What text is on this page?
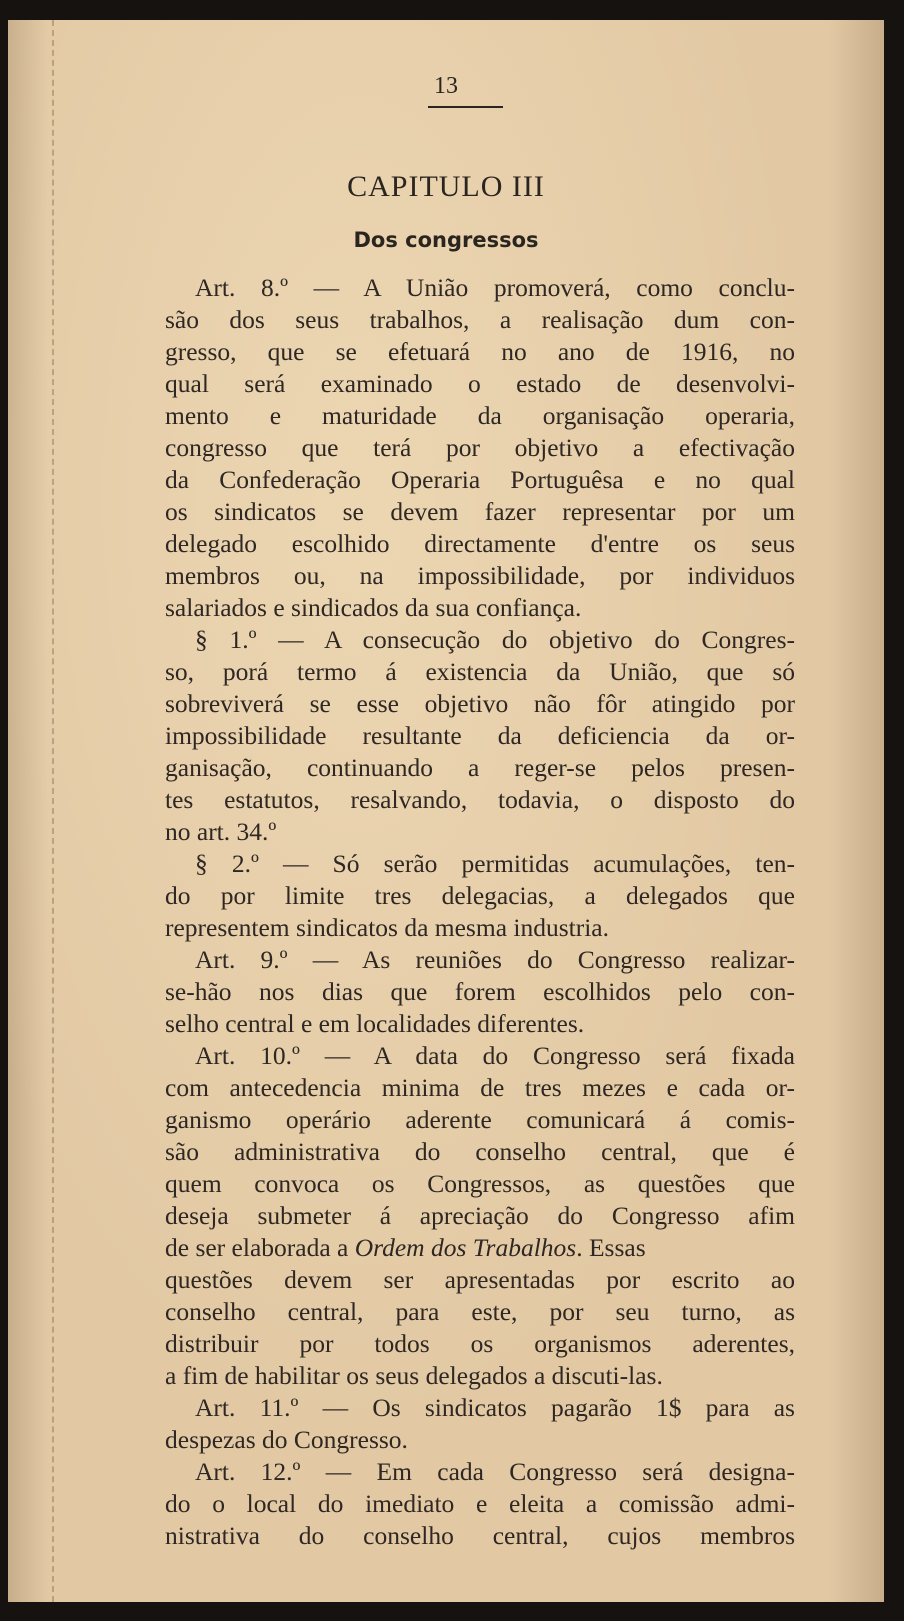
13
CAPITULO III
Dos congressos
Art. 8.º — A União promoverá, como conclu-
são dos seus trabalhos, a realisação dum con-
gresso, que se efetuará no ano de 1916, no
qual será examinado o estado de desenvolvi-
mento e maturidade da organisação operaria,
congresso que terá por objetivo a efectivação
da Confederação Operaria Portuguêsa e no qual
os sindicatos se devem fazer representar por um
delegado escolhido directamente d'entre os seus
membros ou, na impossibilidade, por individuos
salariados e sindicados da sua confiança.
§ 1.º — A consecução do objetivo do Congres-
so, porá termo á existencia da União, que só
sobreviverá se esse objetivo não fôr atingido por
impossibilidade resultante da deficiencia da or-
ganisação, continuando a reger-se pelos presen-
tes estatutos, resalvando, todavia, o disposto do
no art. 34.º
§ 2.º — Só serão permitidas acumulações, ten-
do por limite tres delegacias, a delegados que
representem sindicatos da mesma industria.
Art. 9.º — As reuniões do Congresso realizar-
se-hão nos dias que forem escolhidos pelo con-
selho central e em localidades diferentes.
Art. 10.º — A data do Congresso será fixada
com antecedencia minima de tres mezes e cada or-
ganismo operário aderente comunicará á comis-
são administrativa do conselho central, que é
quem convoca os Congressos, as questões que
deseja submeter á apreciação do Congresso afim
de ser elaborada a Ordem dos Trabalhos. Essas
questões devem ser apresentadas por escrito ao
conselho central, para este, por seu turno, as
distribuir por todos os organismos aderentes,
a fim de habilitar os seus delegados a discuti-las.
Art. 11.º — Os sindicatos pagarão 1$ para as
despezas do Congresso.
Art. 12.º — Em cada Congresso será designa-
do o local do imediato e eleita a comissão admi-
nistrativa do conselho central, cujos membros
